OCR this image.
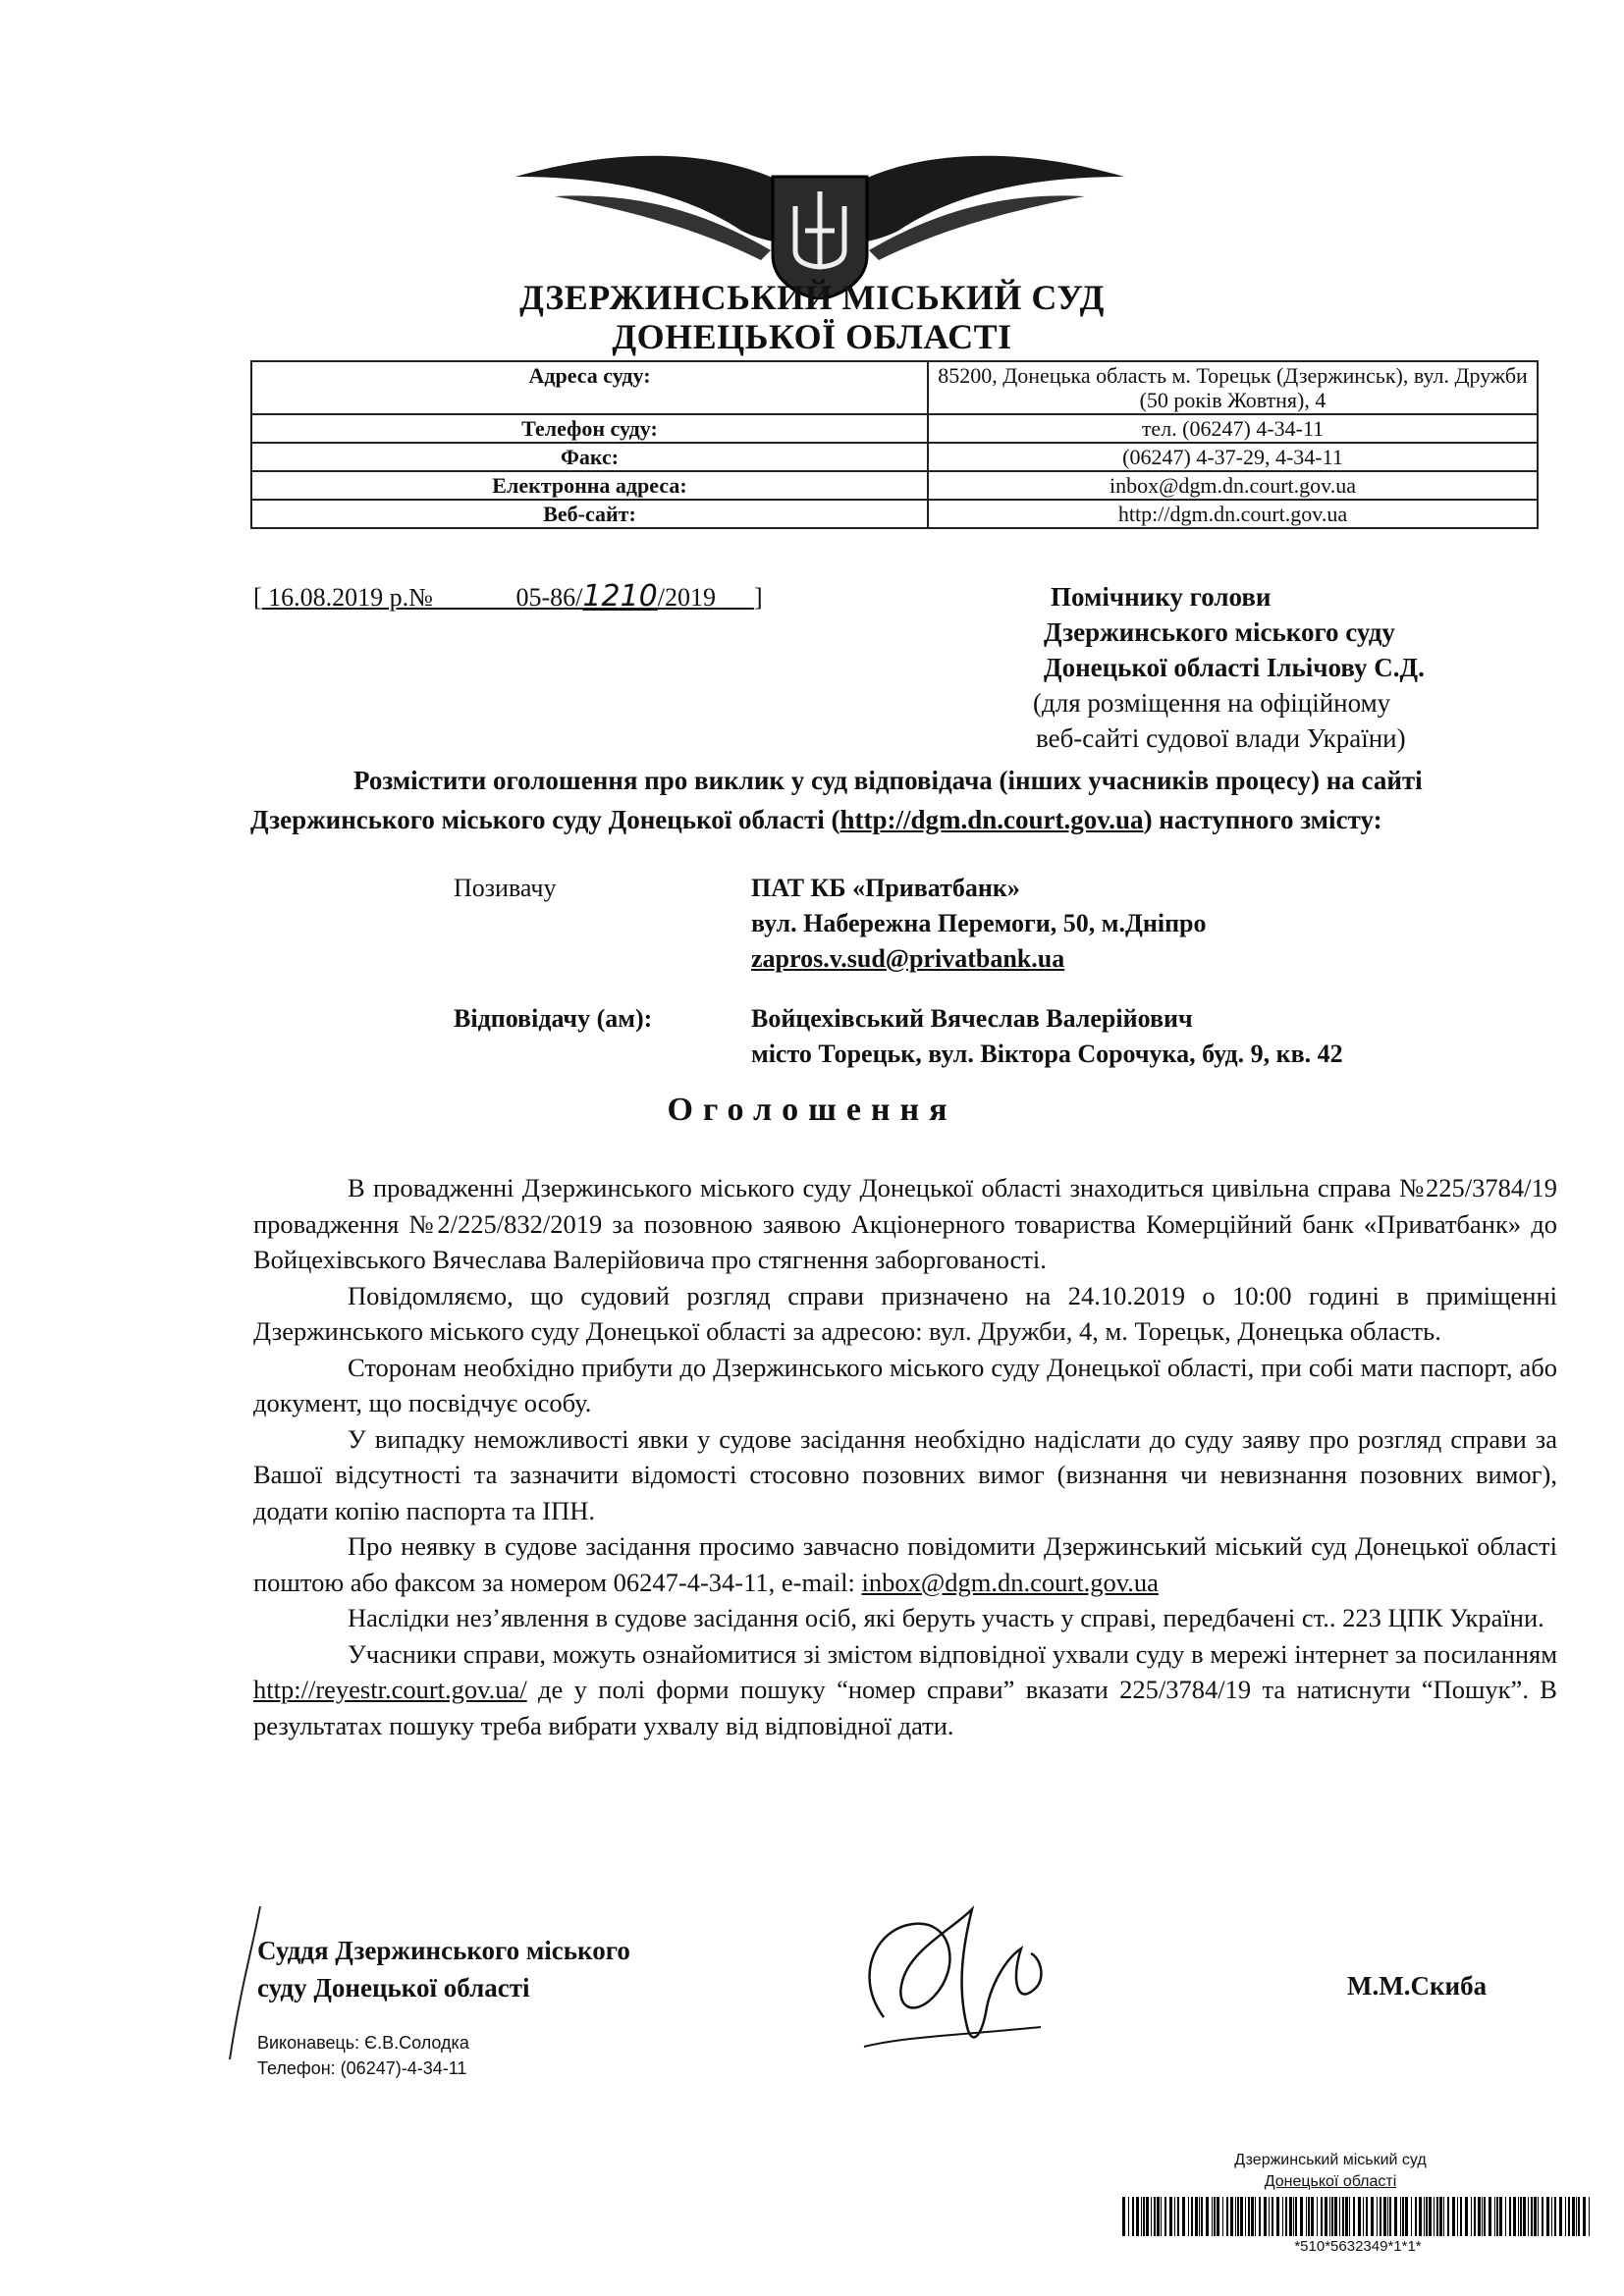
ДЗЕРЖИНСЬКИЙ МІСЬКИЙ СУД
ДОНЕЦЬКОЇ ОБЛАСТІ
Адреса суду:	85200, Донецька область м. Торецьк (Дзержинськ), вул. Дружби (50 років Жовтня), 4
Телефон суду:	тел. (06247) 4-34-11
Факс:	(06247) 4-37-29, 4-34-11
Електронна адреса:	inbox@dgm.dn.court.gov.ua
Веб-сайт:	http://dgm.dn.court.gov.ua
[ 16.08.2019 р.№	05-86/1210/2019 ]	Помічнику голови
Дзержинського міського суду
Донецької області Ільічову С.Д.
(для розміщення на офіційному
веб-сайті судової влади України)
Розмістити оголошення про виклик у суд відповідача (інших учасників процесу) на сайті
Дзержинського міського суду Донецької області (http://dgm.dn.court.gov.ua) наступного змісту:
Позивачу	ПАТ КБ «Приватбанк»
вул. Набережна Перемоги, 50, м.Дніпро
zapros.v.sud@privatbank.ua
Відповідачу (ам):	Войцехівський Вячеслав Валерійович
місто Торецьк, вул. Віктора Сорочука, буд. 9, кв. 42
Оголошення

В провадженні Дзержинського міського суду Донецької області знаходиться цивільна справа №225/3784/19 провадження №2/225/832/2019 за позовною заявою Акціонерного товариства Комерційний банк «Приватбанк» до Войцехівського Вячеслава Валерійовича про стягнення заборгованості.

Повідомляємо, що судовий розгляд справи призначено на 24.10.2019 о 10:00 годині в приміщенні Дзержинського міського суду Донецької області за адресою: вул. Дружби, 4, м. Торецьк, Донецька область.

Сторонам необхідно прибути до Дзержинського міського суду Донецької області, при собі мати паспорт, або документ, що посвідчує особу.

У випадку неможливості явки у судове засідання необхідно надіслати до суду заяву про розгляд справи за Вашої відсутності та зазначити відомості стосовно позовних вимог (визнання чи невизнання позовних вимог), додати копію паспорта та ІПН.

Про неявку в судове засідання просимо завчасно повідомити Дзержинський міський суд Донецької області поштою або факсом за номером 06247-4-34-11, e-mail: inbox@dgm.dn.court.gov.ua

Наслідки нез’явлення в судове засідання осіб, які беруть участь у справі, передбачені ст.. 223 ЦПК України.

Учасники справи, можуть ознайомитися зі змістом відповідної ухвали суду в мережі інтернет за посиланням http://reyestr.court.gov.ua/ де у полі форми пошуку “номер справи” вказати 225/3784/19 та натиснути “Пошук”. В результатах пошуку треба вибрати ухвалу від відповідної дати.

Суддя Дзержинського міського
суду Донецької області	М.М.Скиба
Виконавець: Є.В.Солодка
Телефон: (06247)-4-34-11
Дзержинський міський суд
Донецької області
*510*5632349*1*1*
